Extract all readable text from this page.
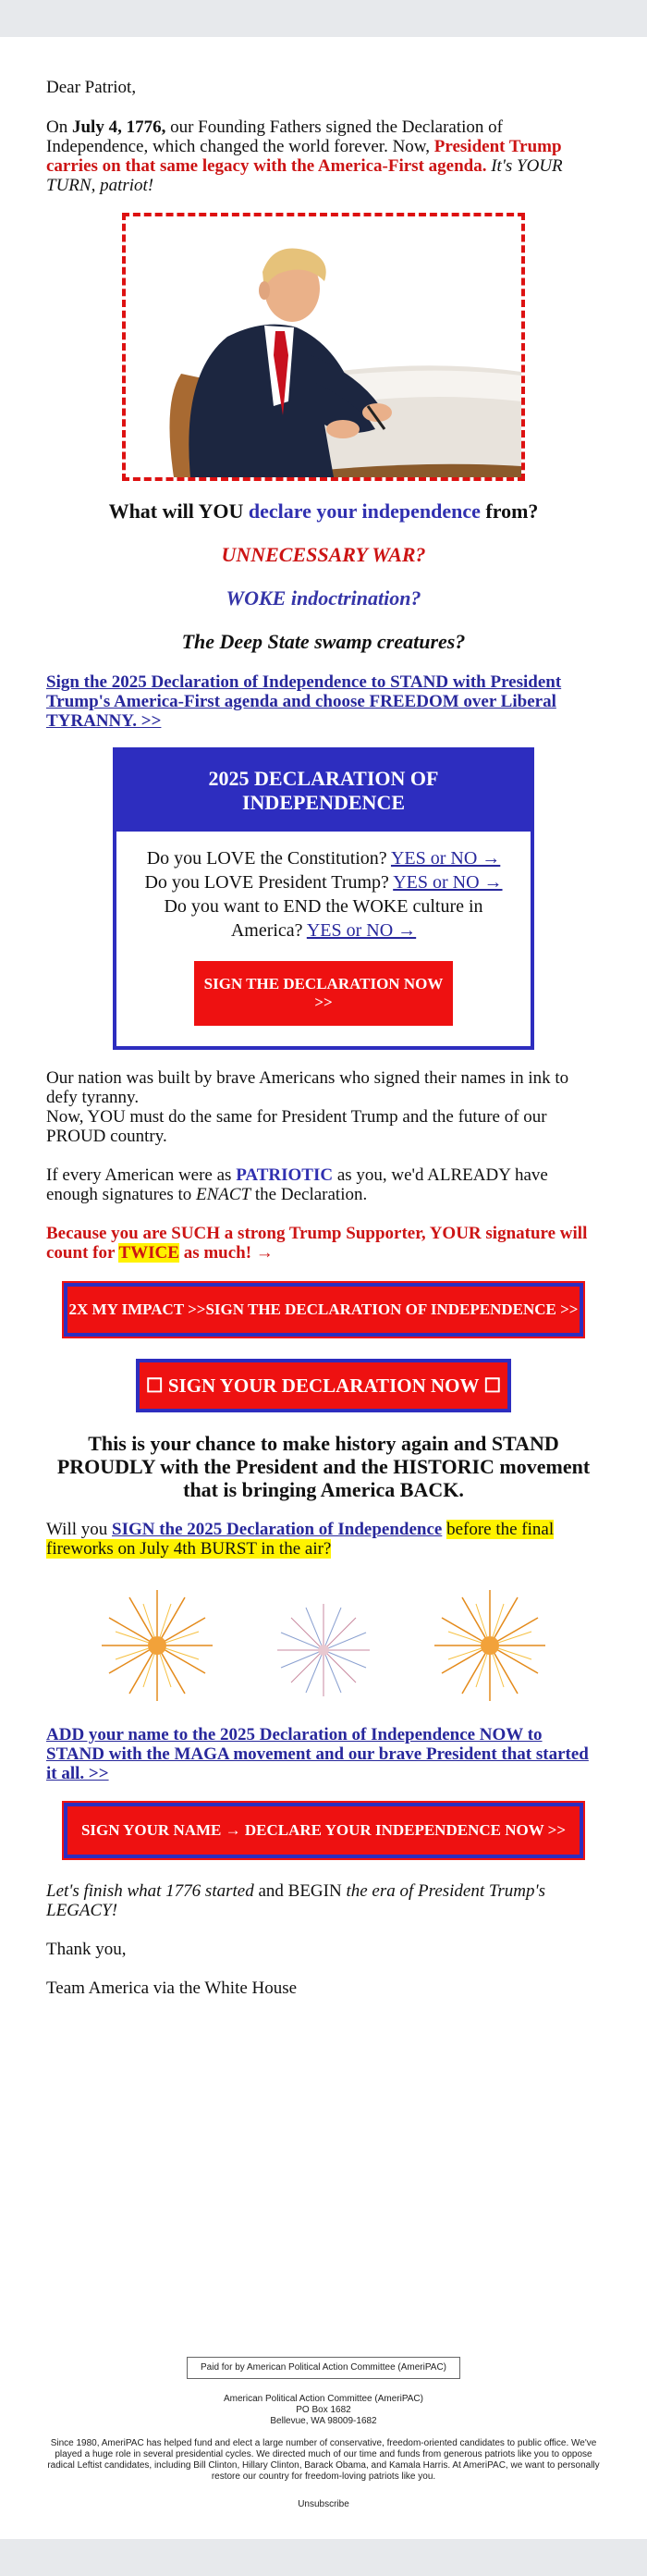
Dear Patriot,

On July 4, 1776, our Founding Fathers signed the Declaration of Independence, which changed the world forever. Now, President Trump carries on that same legacy with the America-First agenda. It's YOUR TURN, patriot!

What will YOU declare your independence from?

UNNECESSARY WAR?

WOKE indoctrination?

The Deep State swamp creatures?

Sign the 2025 Declaration of Independence to STAND with President Trump's America-First agenda and choose FREEDOM over Liberal TYRANNY. >>

2025 DECLARATION OF INDEPENDENCE
Do you LOVE the Constitution? YES or NO →
Do you LOVE President Trump? YES or NO →
Do you want to END the WOKE culture in America? YES or NO →
SIGN THE DECLARATION NOW >>

Our nation was built by brave Americans who signed their names in ink to defy tyranny.

Now, YOU must do the same for President Trump and the future of our PROUD country.

If every American were as PATRIOTIC as you, we'd ALREADY have enough signatures to ENACT the Declaration.

Because you are SUCH a strong Trump Supporter, YOUR signature will count for TWICE as much! →

2X MY IMPACT >>SIGN THE DECLARATION OF INDEPENDENCE >>
☐ SIGN YOUR DECLARATION NOW ☐

This is your chance to make history again and STAND PROUDLY with the President and the HISTORIC movement that is bringing America BACK.

Will you SIGN the 2025 Declaration of Independence before the final fireworks on July 4th BURST in the air?

ADD your name to the 2025 Declaration of Independence NOW to STAND with the MAGA movement and our brave President that started it all. >>

SIGN YOUR NAME → DECLARE YOUR INDEPENDENCE NOW >>

Let's finish what 1776 started and BEGIN the era of President Trump's LEGACY!

Thank you,

Team America via the White House

Paid for by American Political Action Committee (AmeriPAC)
American Political Action Committee (AmeriPAC)
PO Box 1682
Bellevue, WA 98009-1682
Since 1980, AmeriPAC has helped fund and elect a large number of conservative, freedom-oriented candidates to public office. We've played a huge role in several presidential cycles. We directed much of our time and funds from generous patriots like you to oppose radical Leftist candidates, including Bill Clinton, Hillary Clinton, Barack Obama, and Kamala Harris. At AmeriPAC, we want to personally restore our country for freedom-loving patriots like you.
Unsubscribe
